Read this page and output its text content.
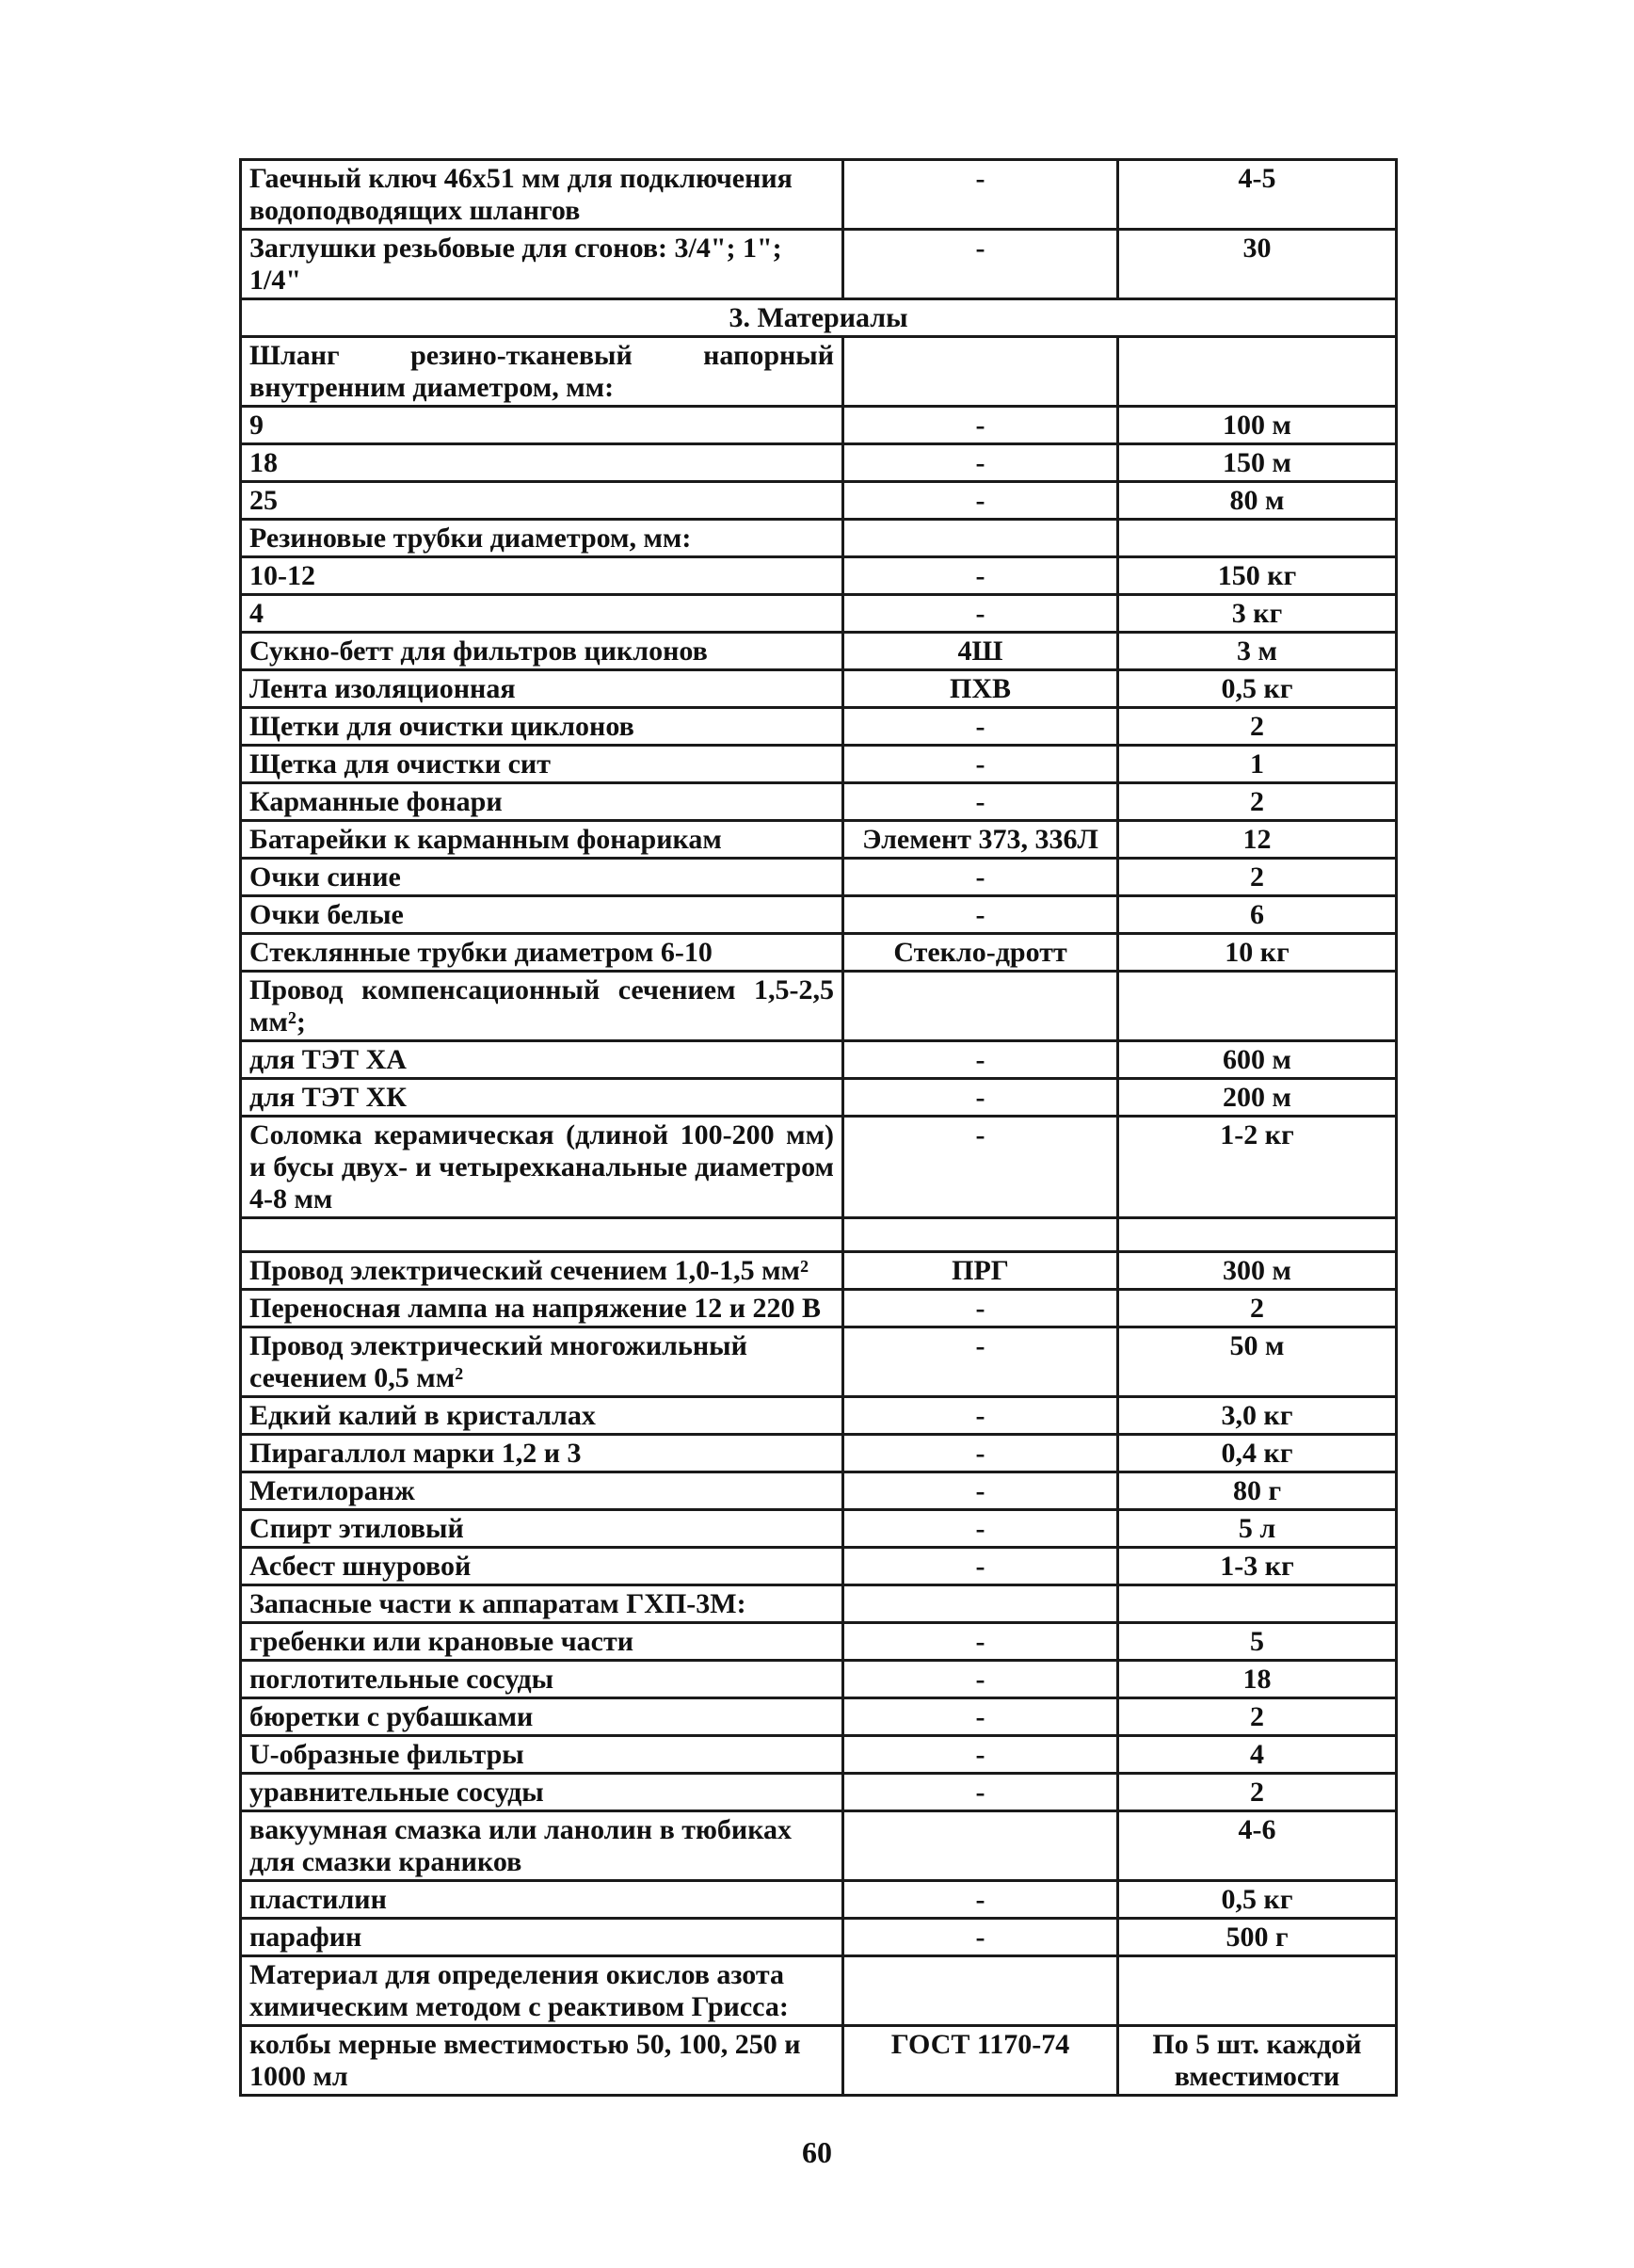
Гаечный ключ 46х51 мм для подключения водоподводящих шлангов	-	4-5
Заглушки резьбовые для сгонов: 3/4"; 1"; 1/4"	-	30
3. Материалы		
Шланг резино-тканевый напорный внутренним диаметром, мм:		
9	-	100 м
18	-	150 м
25	-	80 м
Резиновые трубки диаметром, мм:		
10-12	-	150 кг
4	-	3 кг
Сукно-бетт для фильтров циклонов	4Ш	3 м
Лента изоляционная	ПХВ	0,5 кг
Щетки для очистки циклонов	-	2
Щетка для очистки сит	-	1
Карманные фонари	-	2
Батарейки к карманным фонарикам	Элемент 373, 336Л	12
Очки синие	-	2
Очки белые	-	6
Стеклянные трубки диаметром 6-10	Стекло-дротт	10 кг
Провод компенсационный сечением 1,5-2,5 мм²;		
для ТЭТ ХА	-	600 м
для ТЭТ ХК	-	200 м
Соломка керамическая (длиной 100-200 мм) и бусы двух- и четырехканальные диаметром 4-8 мм	-	1-2 кг

Провод электрический сечением 1,0-1,5 мм²	ПРГ	300 м
Переносная лампа на напряжение 12 и 220 В	-	2
Провод электрический многожильный сечением 0,5 мм²	-	50 м
Едкий калий в кристаллах	-	3,0 кг
Пирагаллол марки 1,2 и 3	-	0,4 кг
Метилоранж	-	80 г
Спирт этиловый	-	5 л
Асбест шнуровой	-	1-3 кг
Запасные части к аппаратам ГХП-3М:		
гребенки или крановые части	-	5
поглотительные сосуды	-	18
бюретки с рубашками	-	2
U-образные фильтры	-	4
уравнительные сосуды	-	2
вакуумная смазка или ланолин в тюбиках для смазки краников		4-6
пластилин	-	0,5 кг
парафин	-	500 г
Материал для определения окислов азота химическим методом с реактивом Грисса:		
колбы мерные вместимостью 50, 100, 250 и 1000 мл	ГОСТ 1170-74	По 5 шт. каждой вместимости
60
